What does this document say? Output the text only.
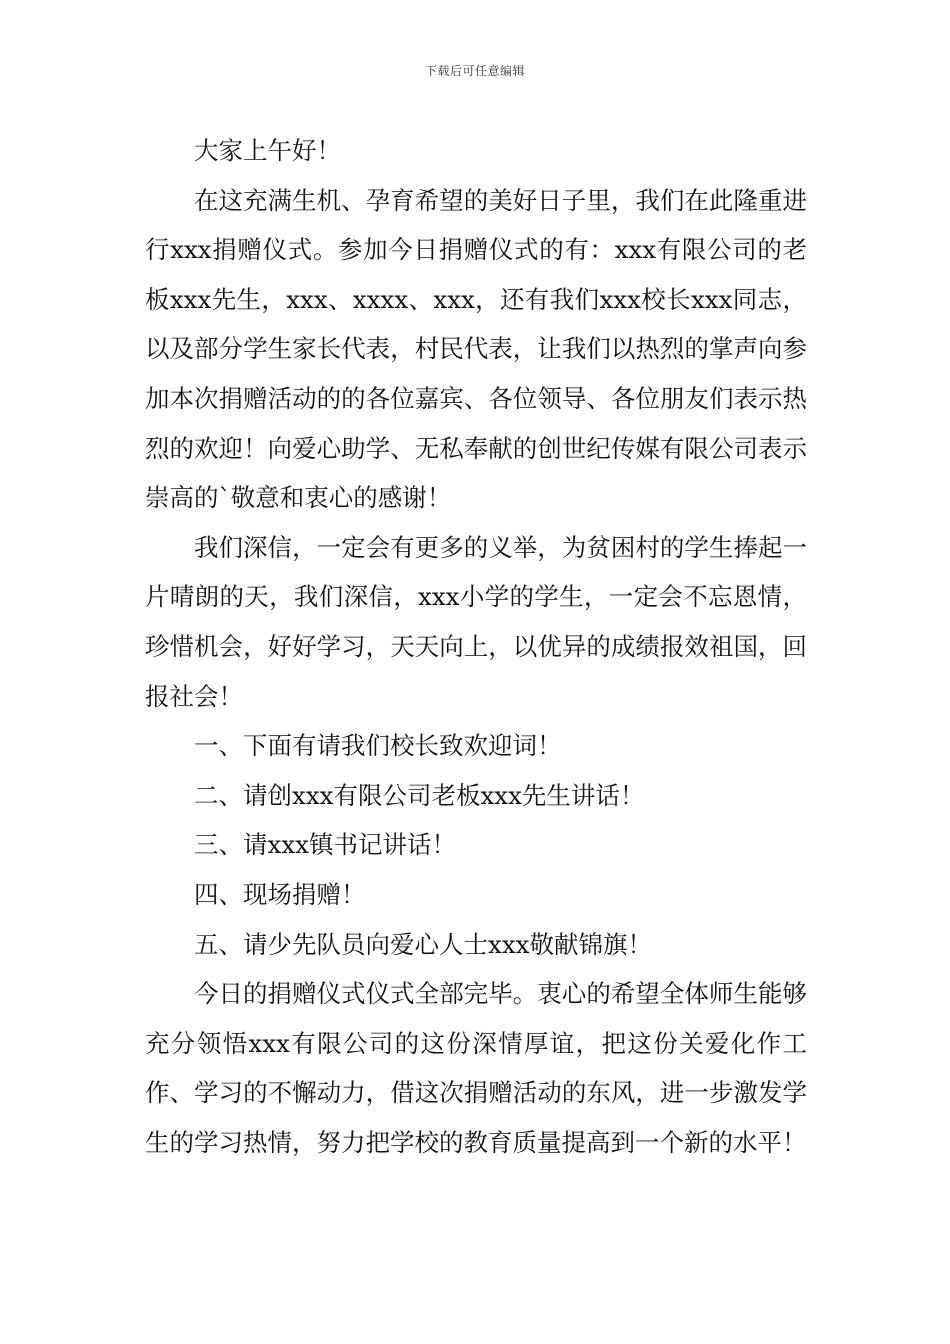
下载后可任意编辑

大家上午好！

在这充满生机、孕育希望的美好日子里，我们在此隆重进行xxx捐赠仪式。参加今日捐赠仪式的有：xxx有限公司的老板xxx先生，xxx、xxxx、xxx，还有我们xxx校长xxx同志，以及部分学生家长代表，村民代表，让我们以热烈的掌声向参加本次捐赠活动的的各位嘉宾、各位领导、各位朋友们表示热烈的欢迎！向爱心助学、无私奉献的创世纪传媒有限公司表示崇高的`敬意和衷心的感谢！

我们深信，一定会有更多的义举，为贫困村的学生捧起一片晴朗的天，我们深信，xxx小学的学生，一定会不忘恩情，珍惜机会，好好学习，天天向上，以优异的成绩报效祖国，回报社会！

一、下面有请我们校长致欢迎词！

二、请创xxx有限公司老板xxx先生讲话！

三、请xxx镇书记讲话！

四、现场捐赠！

五、请少先队员向爱心人士xxx敬献锦旗！

今日的捐赠仪式仪式全部完毕。衷心的希望全体师生能够充分领悟xxx有限公司的这份深情厚谊，把这份关爱化作工作、学习的不懈动力，借这次捐赠活动的东风，进一步激发学生的学习热情，努力把学校的教育质量提高到一个新的水平！
